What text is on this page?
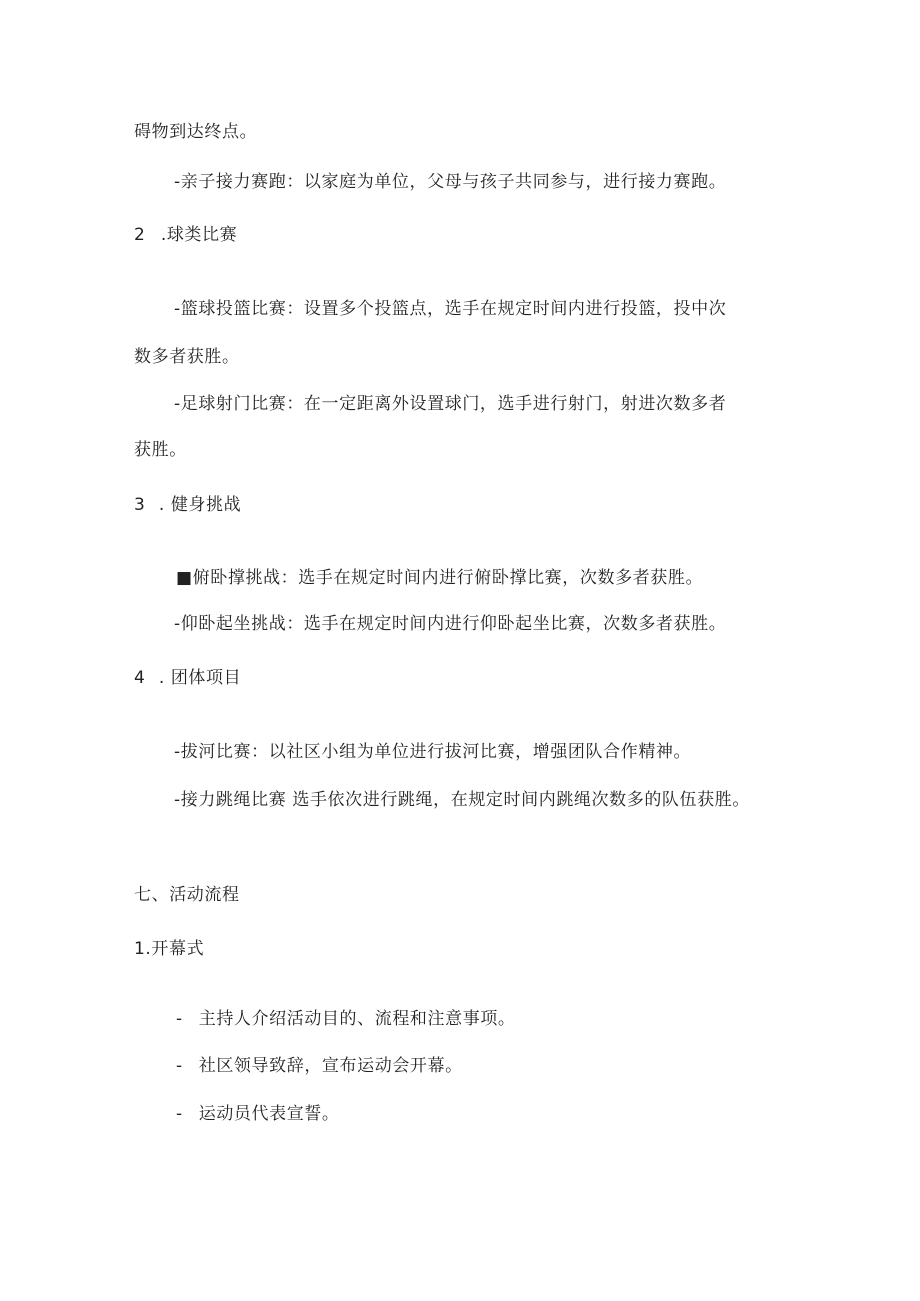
碍物到达终点。
-亲子接力赛跑：以家庭为单位，父母与孩子共同参与，进行接力赛跑。
2 .球类比赛
-篮球投篮比赛：设置多个投篮点，选手在规定时间内进行投篮，投中次
数多者获胜。
-足球射门比赛：在一定距离外设置球门，选手进行射门，射进次数多者
获胜。
3 . 健身挑战
■俯卧撑挑战：选手在规定时间内进行俯卧撑比赛，次数多者获胜。
-仰卧起坐挑战：选手在规定时间内进行仰卧起坐比赛，次数多者获胜。
4 . 团体项目
-拔河比赛：以社区小组为单位进行拔河比赛，增强团队合作精神。
-接力跳绳比赛 选手依次进行跳绳，在规定时间内跳绳次数多的队伍获胜。
七、活动流程
1.开幕式
- 主持人介绍活动目的、流程和注意事项。
- 社区领导致辞，宣布运动会开幕。
- 运动员代表宣誓。
